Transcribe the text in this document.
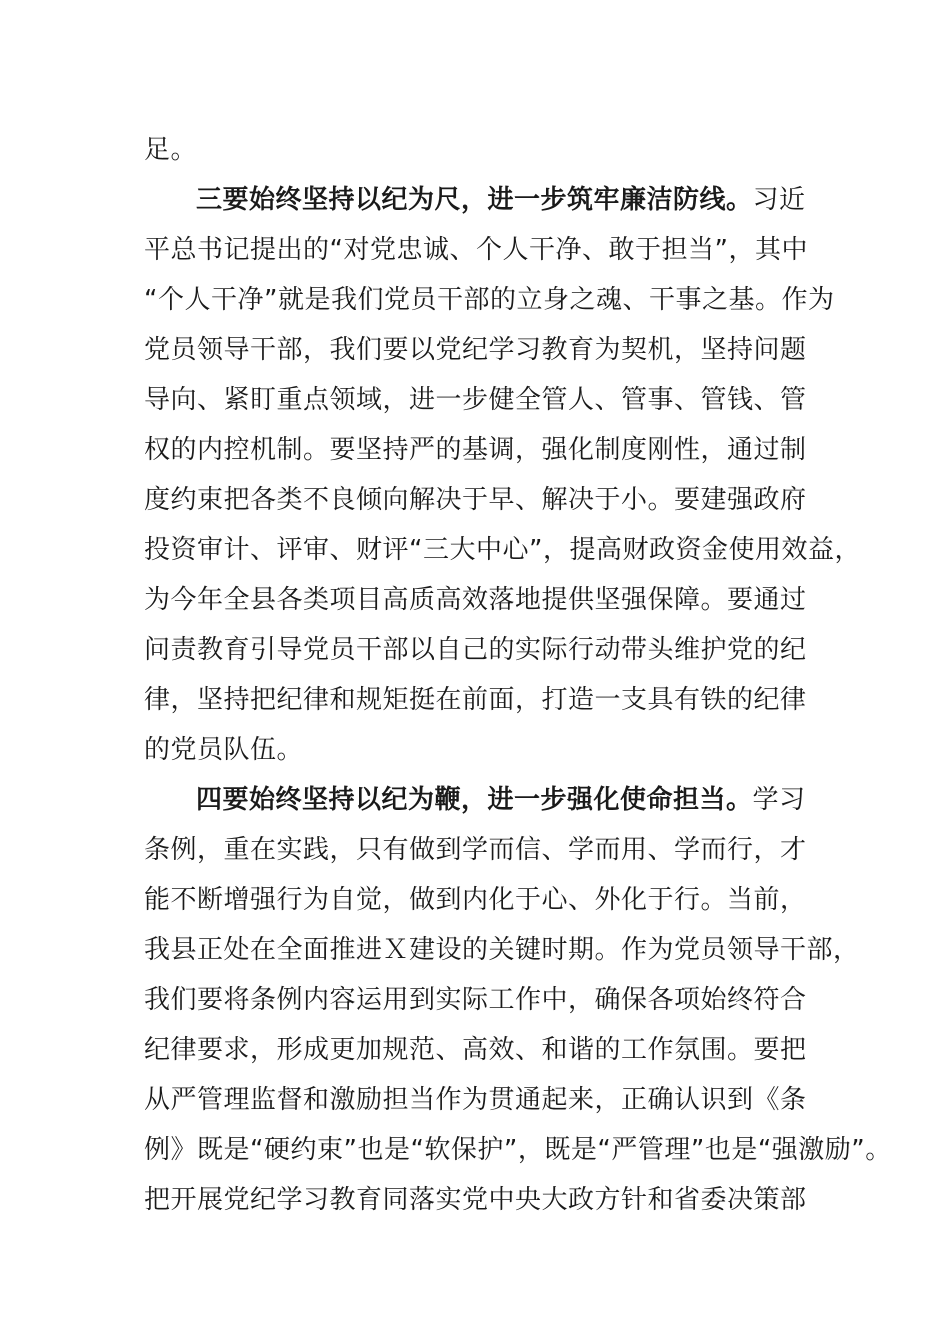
足。
三要始终坚持以纪为尺，进一步筑牢廉洁防线。习近
平总书记提出的“对党忠诚、个人干净、敢于担当”，其中
“个人干净”就是我们党员干部的立身之魂、干事之基。作为
党员领导干部，我们要以党纪学习教育为契机，坚持问题
导向、紧盯重点领域，进一步健全管人、管事、管钱、管
权的内控机制。要坚持严的基调，强化制度刚性，通过制
度约束把各类不良倾向解决于早、解决于小。要建强政府
投资审计、评审、财评“三大中心”，提高财政资金使用效益，
为今年全县各类项目高质高效落地提供坚强保障。要通过
问责教育引导党员干部以自己的实际行动带头维护党的纪
律，坚持把纪律和规矩挺在前面，打造一支具有铁的纪律
的党员队伍。
四要始终坚持以纪为鞭，进一步强化使命担当。学习
条例，重在实践，只有做到学而信、学而用、学而行，才
能不断增强行为自觉，做到内化于心、外化于行。当前，
我县正处在全面推进Ｘ建设的关键时期。作为党员领导干部，
我们要将条例内容运用到实际工作中，确保各项始终符合
纪律要求，形成更加规范、高效、和谐的工作氛围。要把
从严管理监督和激励担当作为贯通起来，正确认识到《条
例》既是“硬约束”也是“软保护”，既是“严管理”也是“强激励”。
把开展党纪学习教育同落实党中央大政方针和省委决策部
